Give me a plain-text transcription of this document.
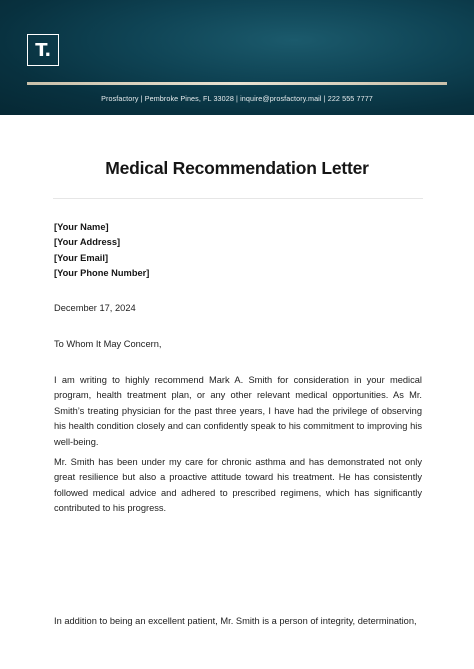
T.
Prosfactory | Pembroke Pines, FL 33028 | inquire@prosfactory.mail | 222 555 7777
Medical Recommendation Letter
[Your Name]
[Your Address]
[Your Email]
[Your Phone Number]
December 17, 2024
To Whom It May Concern,

I am writing to highly recommend Mark A. Smith for consideration in your medical program, health treatment plan, or any other relevant medical opportunities. As Mr. Smith’s treating physician for the past three years, I have had the privilege of observing his health condition closely and can confidently speak to his commitment to improving his well-being.

Mr. Smith has been under my care for chronic asthma and has demonstrated not only great resilience but also a proactive attitude toward his treatment. He has consistently followed medical advice and adhered to prescribed regimens, which has significantly contributed to his progress.

In addition to being an excellent patient, Mr. Smith is a person of integrity, determination,
